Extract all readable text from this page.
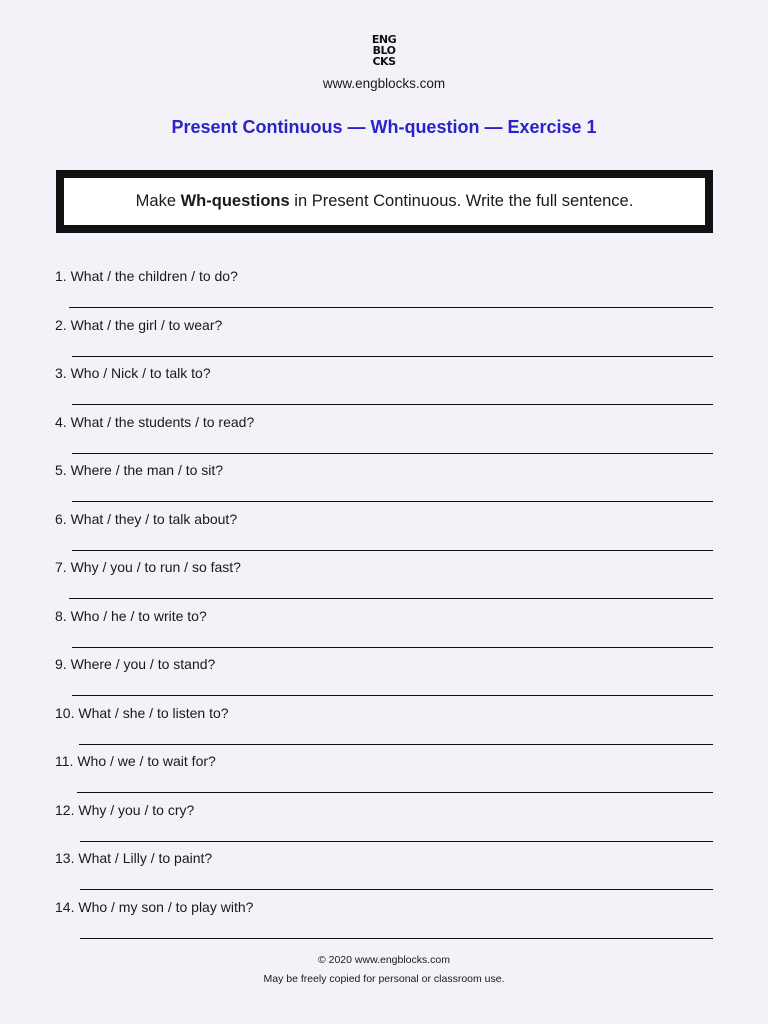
ENG
BLO
CKS
www.engblocks.com
Present Continuous — Wh-question — Exercise 1
Make Wh-questions in Present Continuous. Write the full sentence.
1. What / the children / to do?
2. What / the girl / to wear?
3. Who / Nick / to talk to?
4. What / the students / to read?
5. Where / the man / to sit?
6. What / they / to talk about?
7. Why / you / to run / so fast?
8. Who / he / to write to?
9. Where / you / to stand?
10. What / she / to listen to?
11. Who / we / to wait for?
12. Why / you / to cry?
13. What / Lilly / to paint?
14. Who / my son / to play with?
© 2020 www.engblocks.com
May be freely copied for personal or classroom use.
